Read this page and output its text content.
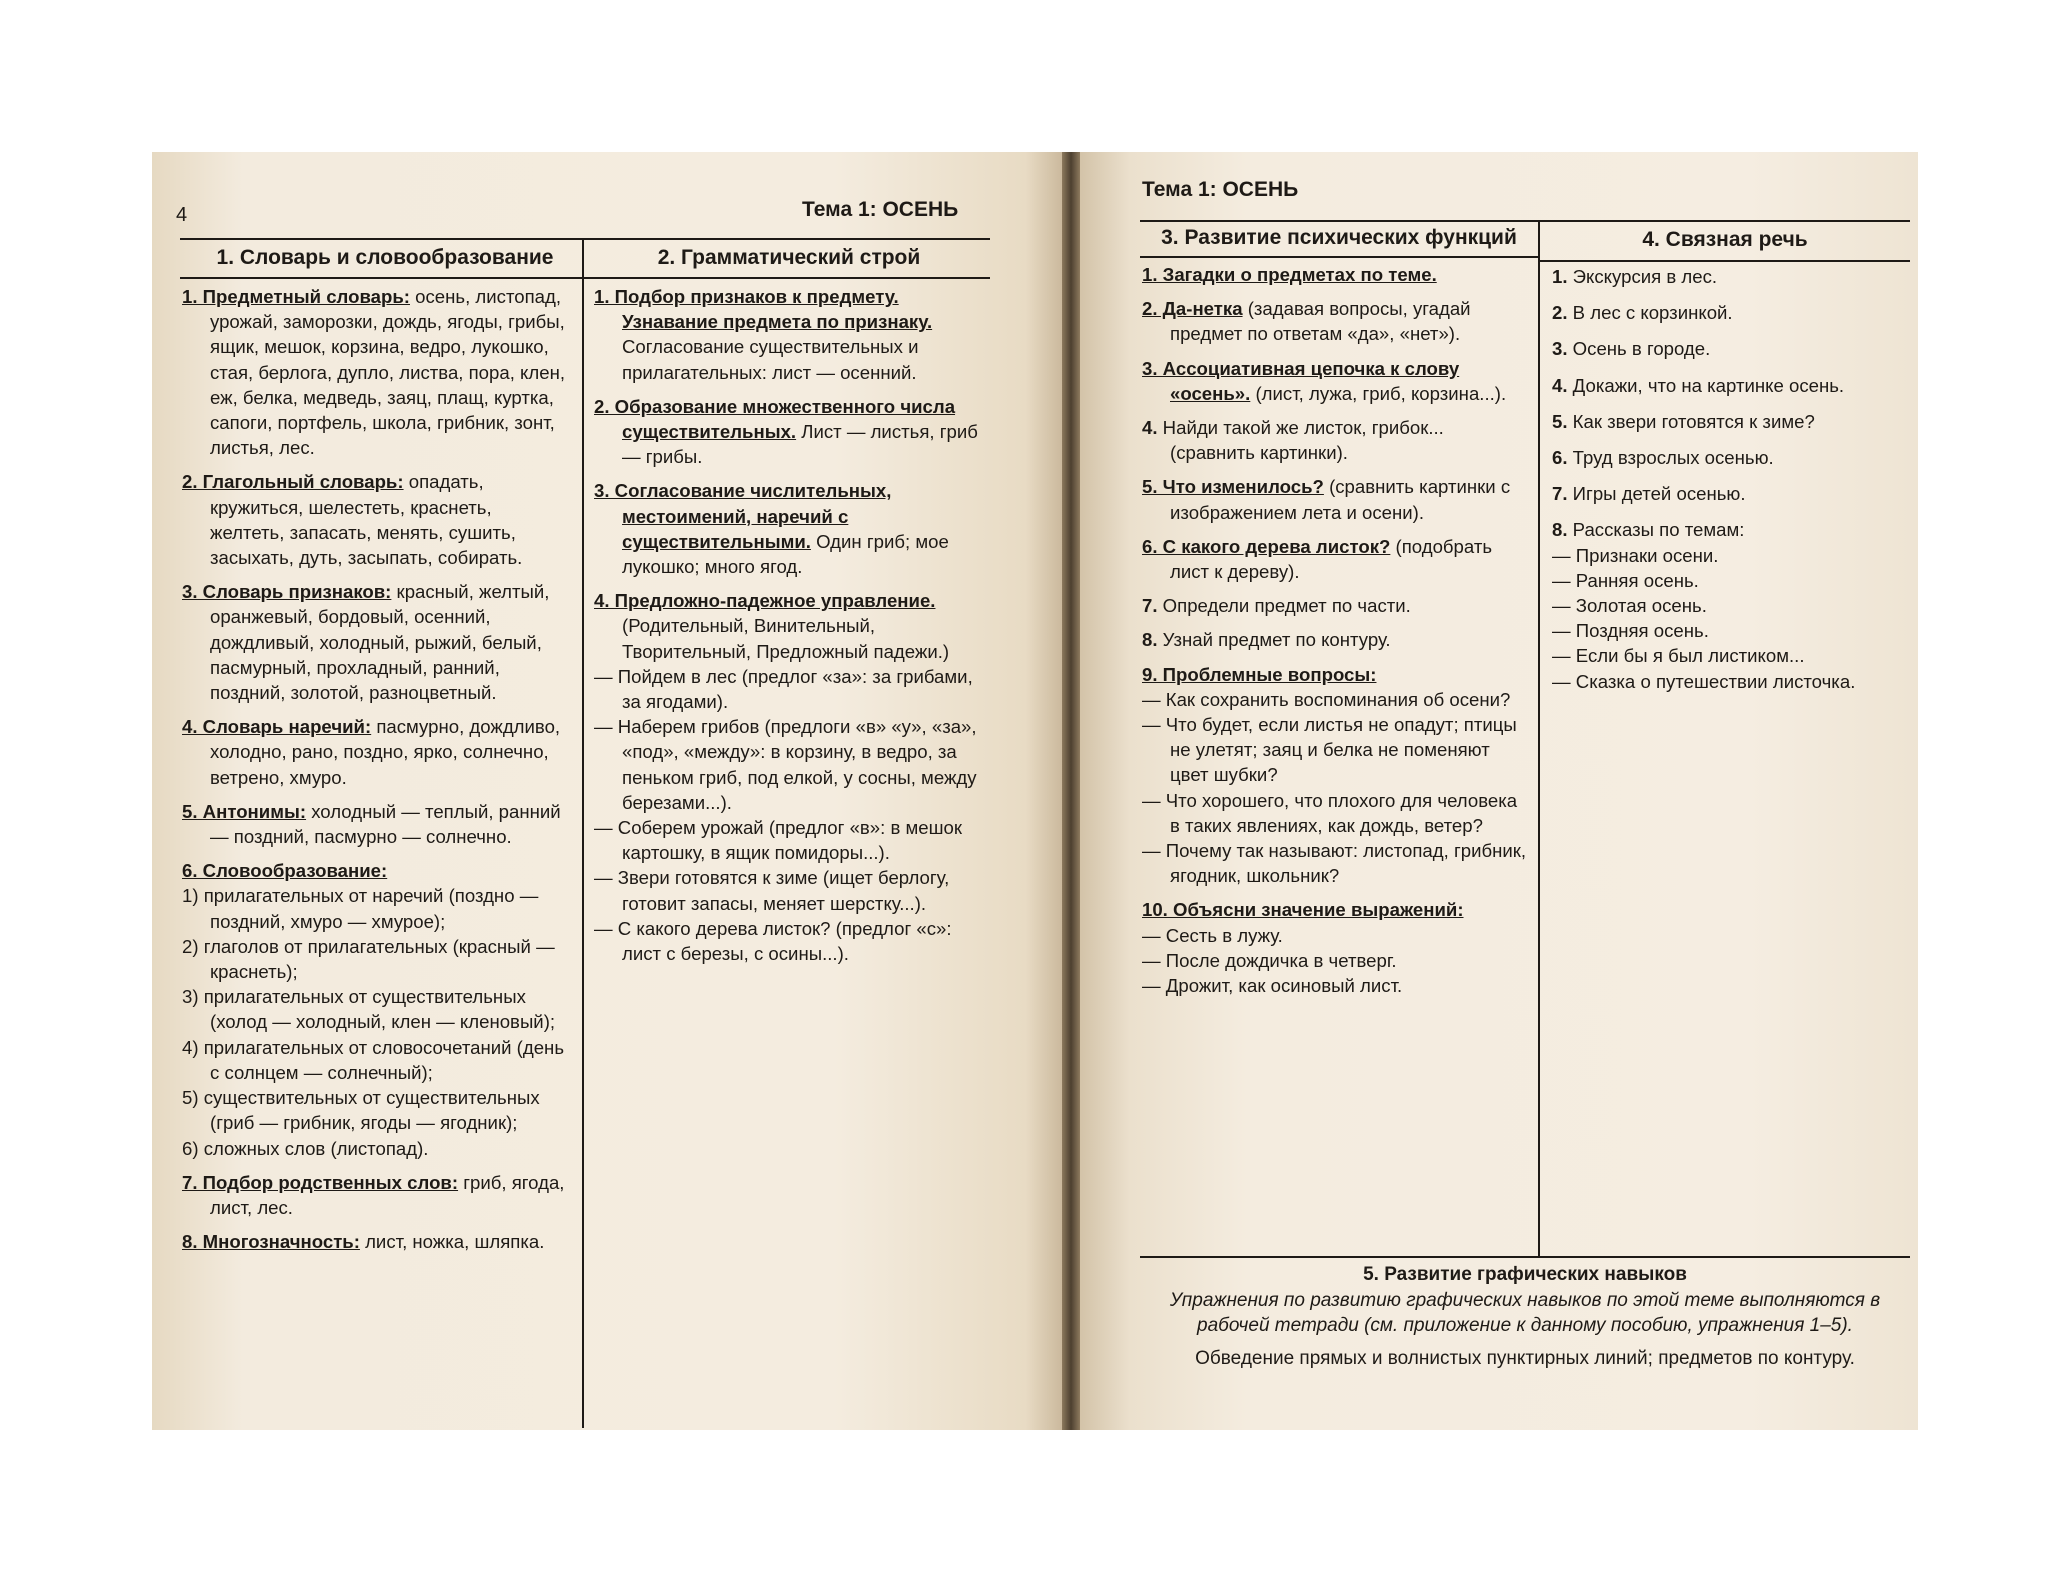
4	Тема 1: ОСЕНЬ
1. Словарь и словообразование	2. Грамматический строй
1. Предметный словарь: осень, листопад, урожай, заморозки, дождь, ягоды, грибы, ящик, мешок, корзина, ведро, лукошко, стая, берлога, дупло, листва, пора, клен, еж, белка, медведь, заяц, плащ, куртка, сапоги, портфель, школа, грибник, зонт, листья, лес.
2. Глагольный словарь: опадать, кружиться, шелестеть, краснеть, желтеть, запасать, менять, сушить, засыхать, дуть, засыпать, собирать.
3. Словарь признаков: красный, желтый, оранжевый, бордовый, осенний, дождливый, холодный, рыжий, белый, пасмурный, прохладный, ранний, поздний, золотой, разноцветный.
4. Словарь наречий: пасмурно, дождливо, холодно, рано, поздно, ярко, солнечно, ветрено, хмуро.
5. Антонимы: холодный — теплый, ранний — поздний, пасмурно — солнечно.
6. Словообразование:
1) прилагательных от наречий (поздно — поздний, хмуро — хмурое);
2) глаголов от прилагательных (красный — краснеть);
3) прилагательных от существительных (холод — холодный, клен — кленовый);
4) прилагательных от словосочетаний (день с солнцем — солнечный);
5) существительных от существительных (гриб — грибник, ягоды — ягодник);
6) сложных слов (листопад).
7. Подбор родственных слов: гриб, ягода, лист, лес.
8. Многозначность: лист, ножка, шляпка.
1. Подбор признаков к предмету. Узнавание предмета по признаку. Согласование существительных и прилагательных: лист — осенний.
2. Образование множественного числа существительных. Лист — листья, гриб — грибы.
3. Согласование числительных, местоимений, наречий с существительными. Один гриб; мое лукошко; много ягод.
4. Предложно-падежное управление.
(Родительный, Винительный, Творительный, Предложный падежи.)
— Пойдем в лес (предлог «за»: за грибами, за ягодами).
— Наберем грибов (предлоги «в» «у», «за», «под», «между»: в корзину, в ведро, за пеньком гриб, под елкой, у сосны, между березами...).
— Соберем урожай (предлог «в»: в мешок картошку, в ящик помидоры...).
— Звери готовятся к зиме (ищет берлогу, готовит запасы, меняет шерстку...).
— С какого дерева листок? (предлог «с»: лист с березы, с осины...).
Тема 1: ОСЕНЬ
3. Развитие психических функций	4. Связная речь
1. Загадки о предметах по теме.
2. Да-нетка (задавая вопросы, угадай предмет по ответам «да», «нет»).
3. Ассоциативная цепочка к слову «осень». (лист, лужа, гриб, корзина...).
4. Найди такой же листок, грибок... (сравнить картинки).
5. Что изменилось? (сравнить картинки с изображением лета и осени).
6. С какого дерева листок? (подобрать лист к дереву).
7. Определи предмет по части.
8. Узнай предмет по контуру.
9. Проблемные вопросы:
— Как сохранить воспоминания об осени?
— Что будет, если листья не опадут; птицы не улетят; заяц и белка не поменяют цвет шубки?
— Что хорошего, что плохого для человека в таких явлениях, как дождь, ветер?
— Почему так называют: листопад, грибник, ягодник, школьник?
10. Объясни значение выражений:
— Сесть в лужу.
— После дождичка в четверг.
— Дрожит, как осиновый лист.
1. Экскурсия в лес.
2. В лес с корзинкой.
3. Осень в городе.
4. Докажи, что на картинке осень.
5. Как звери готовятся к зиме?
6. Труд взрослых осенью.
7. Игры детей осенью.
8. Рассказы по темам:
— Признаки осени.
— Ранняя осень.
— Золотая осень.
— Поздняя осень.
— Если бы я был листиком...
— Сказка о путешествии листочка.
5. Развитие графических навыков
Упражнения по развитию графических навыков по этой теме выполняются в рабочей тетради (см. приложение к данному пособию, упражнения 1–5).
Обведение прямых и волнистых пунктирных линий; предметов по контуру.
